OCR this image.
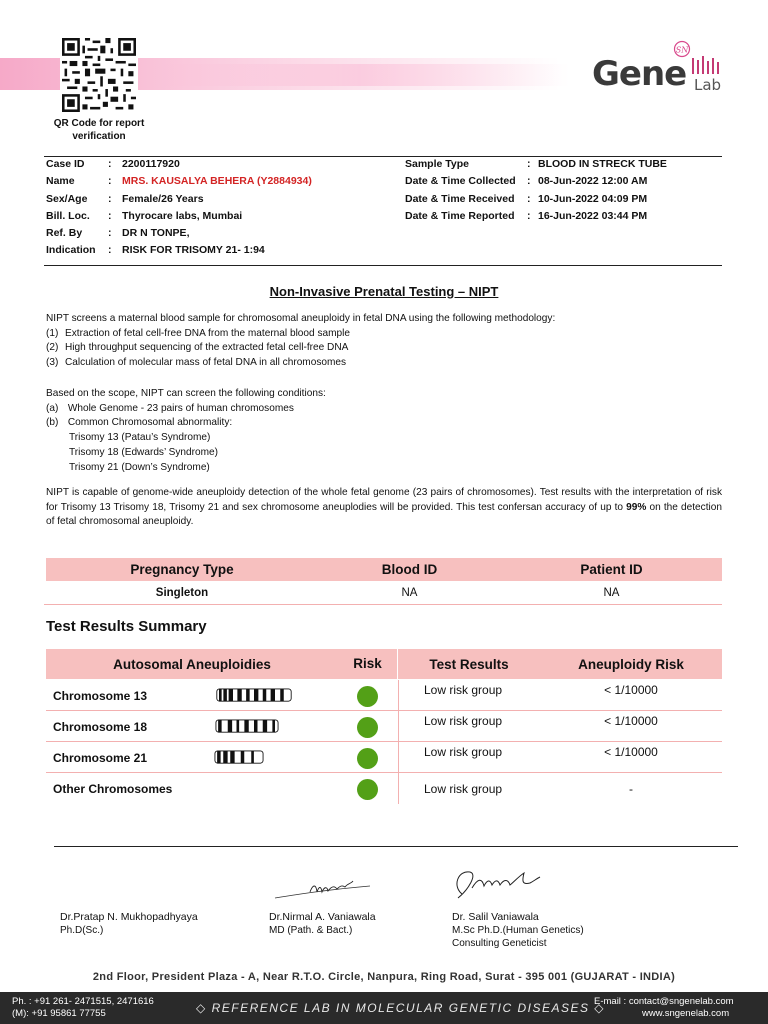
QR Code for report verification
SN
Gene Lab
Case ID	:	2200117920
Name	:	MRS. KAUSALYA BEHERA (Y2884934)
Sex/Age	:	Female/26 Years
Bill. Loc.	:	Thyrocare labs, Mumbai
Ref. By	:	DR N TONPE,
Indication	:	RISK FOR TRISOMY 21- 1:94
Sample Type	: BLOOD IN STRECK TUBE
Date & Time Collected	: 08-Jun-2022 12:00 AM
Date & Time Received	: 10-Jun-2022 04:09 PM
Date & Time Reported	: 16-Jun-2022 03:44 PM
Non-Invasive Prenatal Testing – NIPT
NIPT screens a maternal blood sample for chromosomal aneuploidy in fetal DNA using the following methodology:
(1) Extraction of fetal cell-free DNA from the maternal blood sample
(2) High throughput sequencing of the extracted fetal cell-free DNA
(3) Calculation of molecular mass of fetal DNA in all chromosomes
Based on the scope, NIPT can screen the following conditions:
(a) Whole Genome - 23 pairs of human chromosomes
(b) Common Chromosomal abnormality:
Trisomy 13 (Patau’s Syndrome)
Trisomy 18 (Edwards’ Syndrome)
Trisomy 21 (Down’s Syndrome)
NIPT is capable of genome-wide aneuploidy detection of the whole fetal genome (23 pairs of chromosomes). Test results with the interpretation of risk for Trisomy 13 Trisomy 18, Trisomy 21 and sex chromosome aneuplodies will be provided. This test confersan accuracy of up to 99% on the detection of fetal chromosomal aneuploidy.
Pregnancy Type	Blood ID	Patient ID
Singleton	NA	NA
Test Results Summary
Autosomal Aneuploidies	Risk	Test Results	Aneuploidy Risk
Chromosome 13	Low risk group	< 1/10000
Chromosome 18	Low risk group	< 1/10000
Chromosome 21	Low risk group	< 1/10000
Other Chromosomes	Low risk group	-
Dr.Pratap N. Mukhopadhyaya
Ph.D(Sc.)
Dr.Nirmal A. Vaniawala
MD (Path. & Bact.)
Dr. Salil Vaniawala
M.Sc Ph.D.(Human Genetics)
Consulting Geneticist
2nd Floor, President Plaza - A, Near R.T.O. Circle, Nanpura, Ring Road, Surat - 395 001 (GUJARAT - INDIA)
Ph. : +91 261- 2471515, 2471616
(M): +91 95861 77755	◇ REFERENCE LAB IN MOLECULAR GENETIC DISEASES ◇
E-mail : contact@sngenelab.com
www.sngenelab.com
